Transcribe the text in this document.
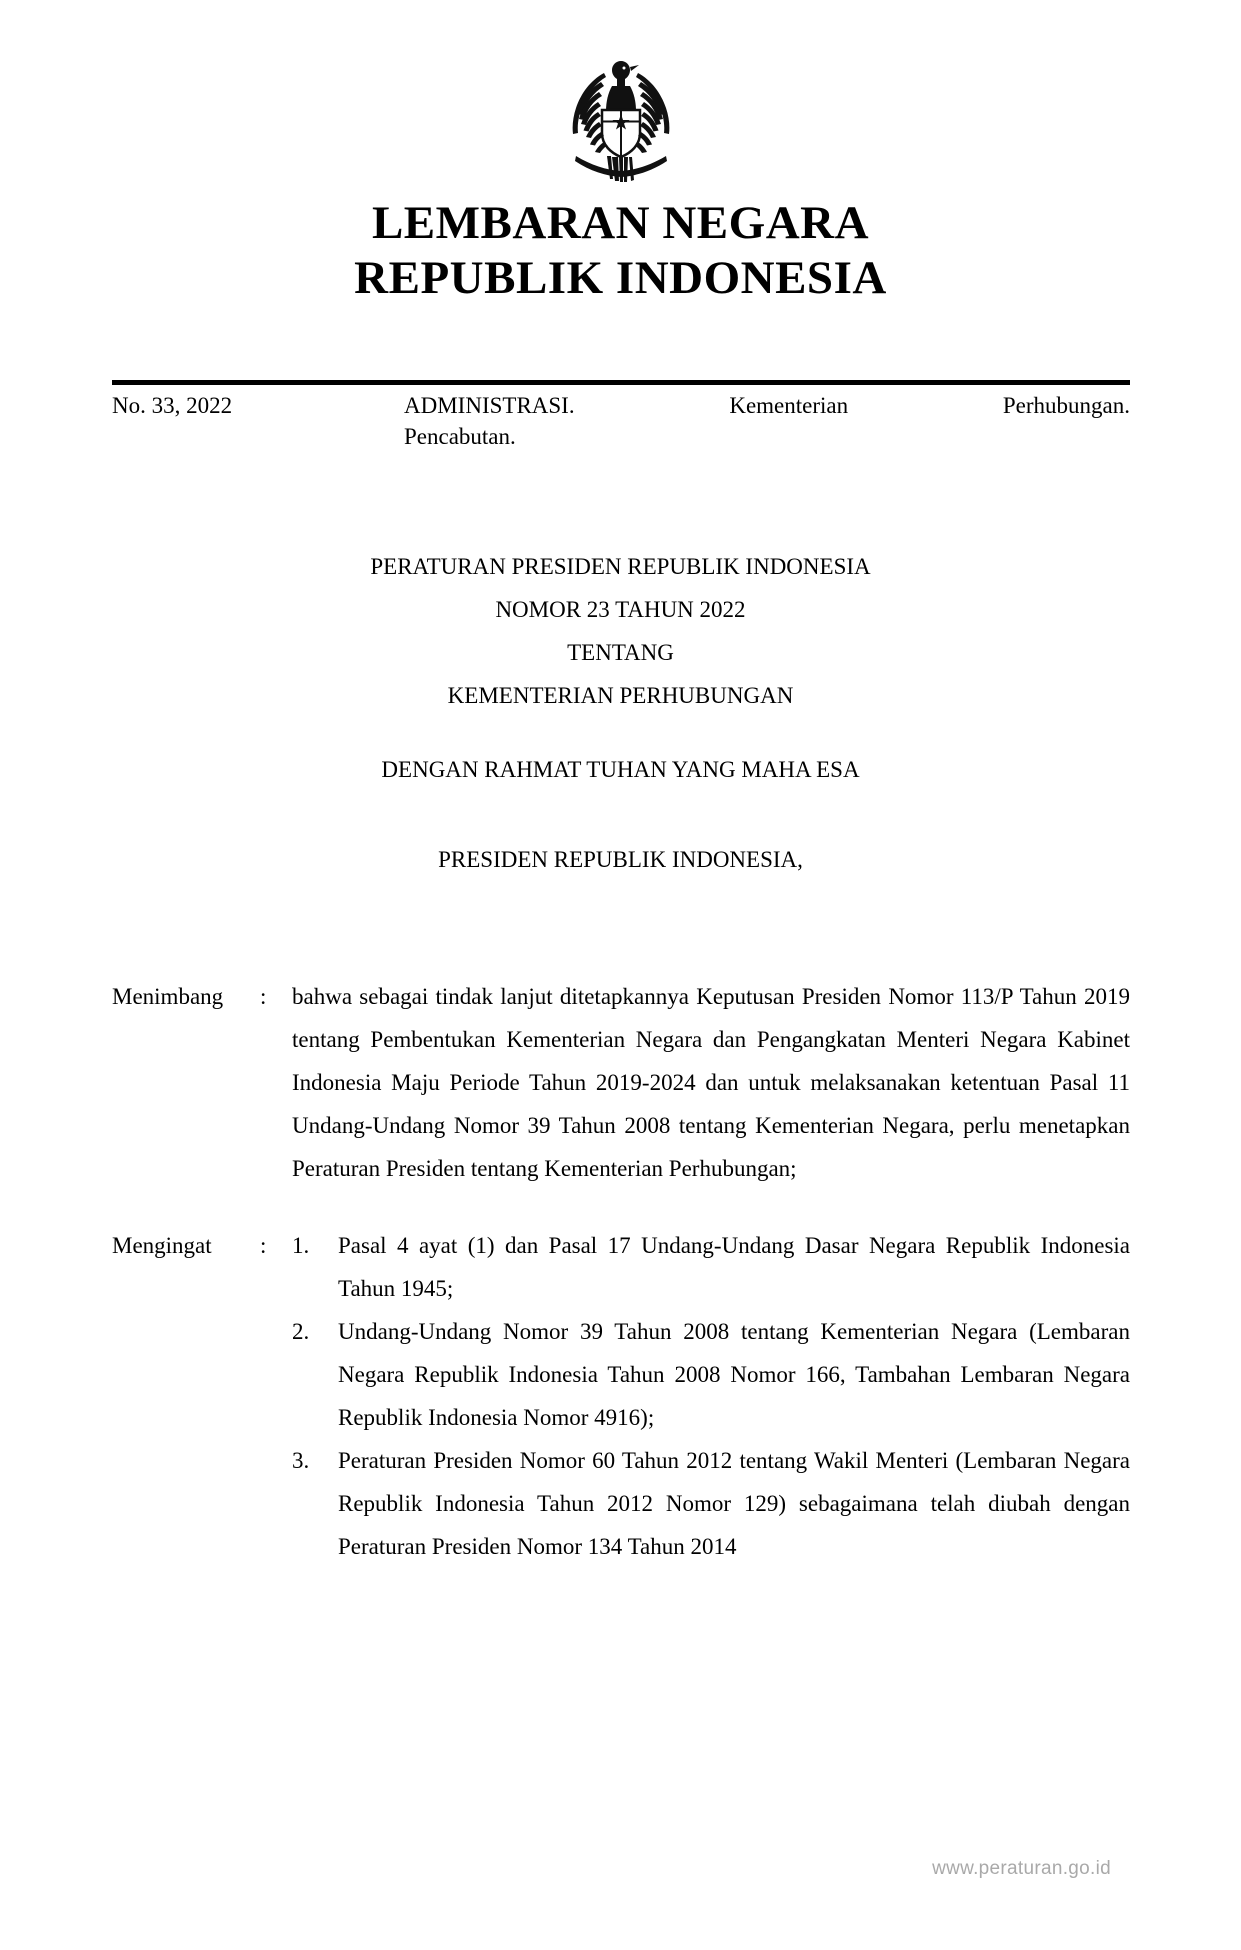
LEMBARAN NEGARA
REPUBLIK INDONESIA
No. 33, 2022	ADMINISTRASI. Kementerian Perhubungan.
Pencabutan.
PERATURAN PRESIDEN REPUBLIK INDONESIA
NOMOR 23 TAHUN 2022
TENTANG
KEMENTERIAN PERHUBUNGAN
DENGAN RAHMAT TUHAN YANG MAHA ESA
PRESIDEN REPUBLIK INDONESIA,
Menimbang	:	bahwa sebagai tindak lanjut ditetapkannya Keputusan Presiden Nomor 113/P Tahun 2019 tentang Pembentukan Kementerian Negara dan Pengangkatan Menteri Negara Kabinet Indonesia Maju Periode Tahun 2019-2024 dan untuk melaksanakan ketentuan Pasal 11 Undang-Undang Nomor 39 Tahun 2008 tentang Kementerian Negara, perlu menetapkan Peraturan Presiden tentang Kementerian Perhubungan;
Mengingat	:	1.	Pasal 4 ayat (1) dan Pasal 17 Undang-Undang Dasar Negara Republik Indonesia Tahun 1945;
2.	Undang-Undang Nomor 39 Tahun 2008 tentang Kementerian Negara (Lembaran Negara Republik Indonesia Tahun 2008 Nomor 166, Tambahan Lembaran Negara Republik Indonesia Nomor 4916);
3.	Peraturan Presiden Nomor 60 Tahun 2012 tentang Wakil Menteri (Lembaran Negara Republik Indonesia Tahun 2012 Nomor 129) sebagaimana telah diubah dengan Peraturan Presiden Nomor 134 Tahun 2014
www.peraturan.go.id
